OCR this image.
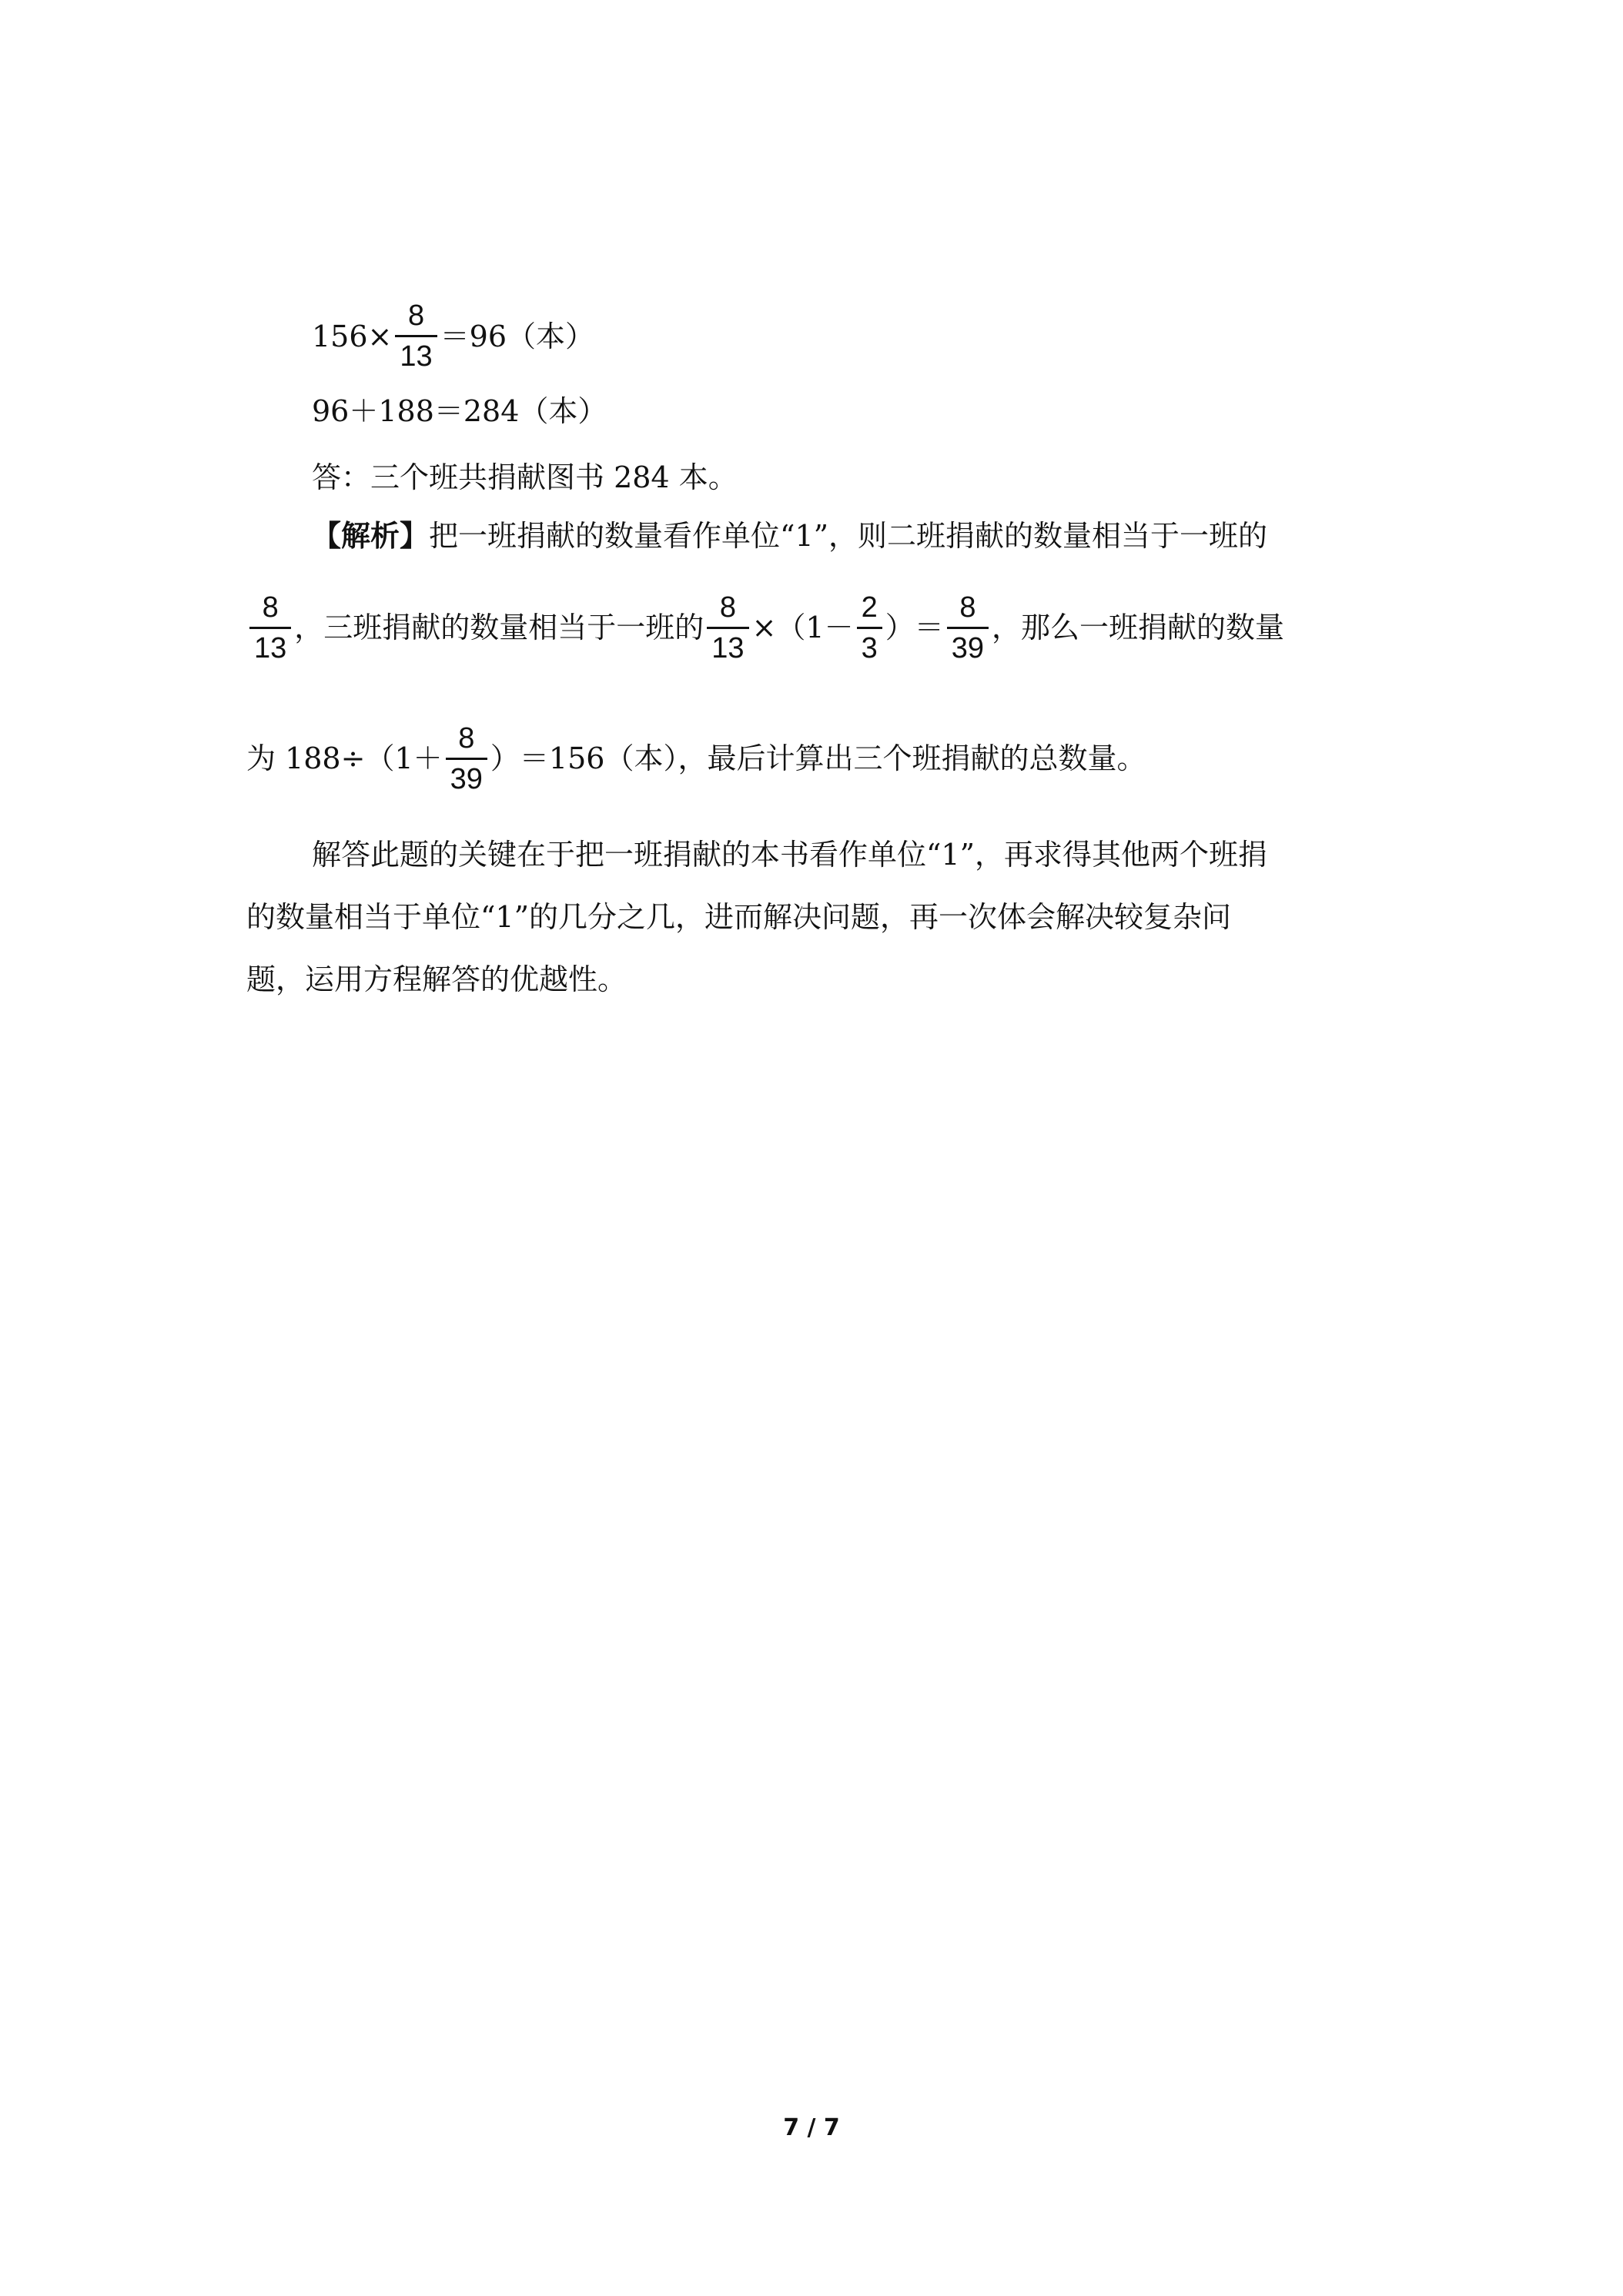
$156\times \frac{8}{13} =96$（本）
96＋188＝284（本）
答：三个班共捐献图书 284 本。
【解析】 把一班捐献的数量看作单位“1”，则二班捐献的数量相当于一班的
$\frac{8}{13}$ ，三班捐献的数量相当于一班的 $\frac{8}{13} \times(1- \frac{2}{3}$ ）＝ $\frac{8}{39}$ ，那么一班捐献的数量
为 $188\div(1+ \frac{8}{39} )=156$（本），最后计算出三个班捐献的总数量。
解答此题的关键在于把一班捐献的本书看作单位“1”，再求得其他两个班捐
的数量相当于单位“1”的几分之几，进而解决问题，再一次体会解决较复杂问
题，运用方程解答的优越性。
7 / 7
